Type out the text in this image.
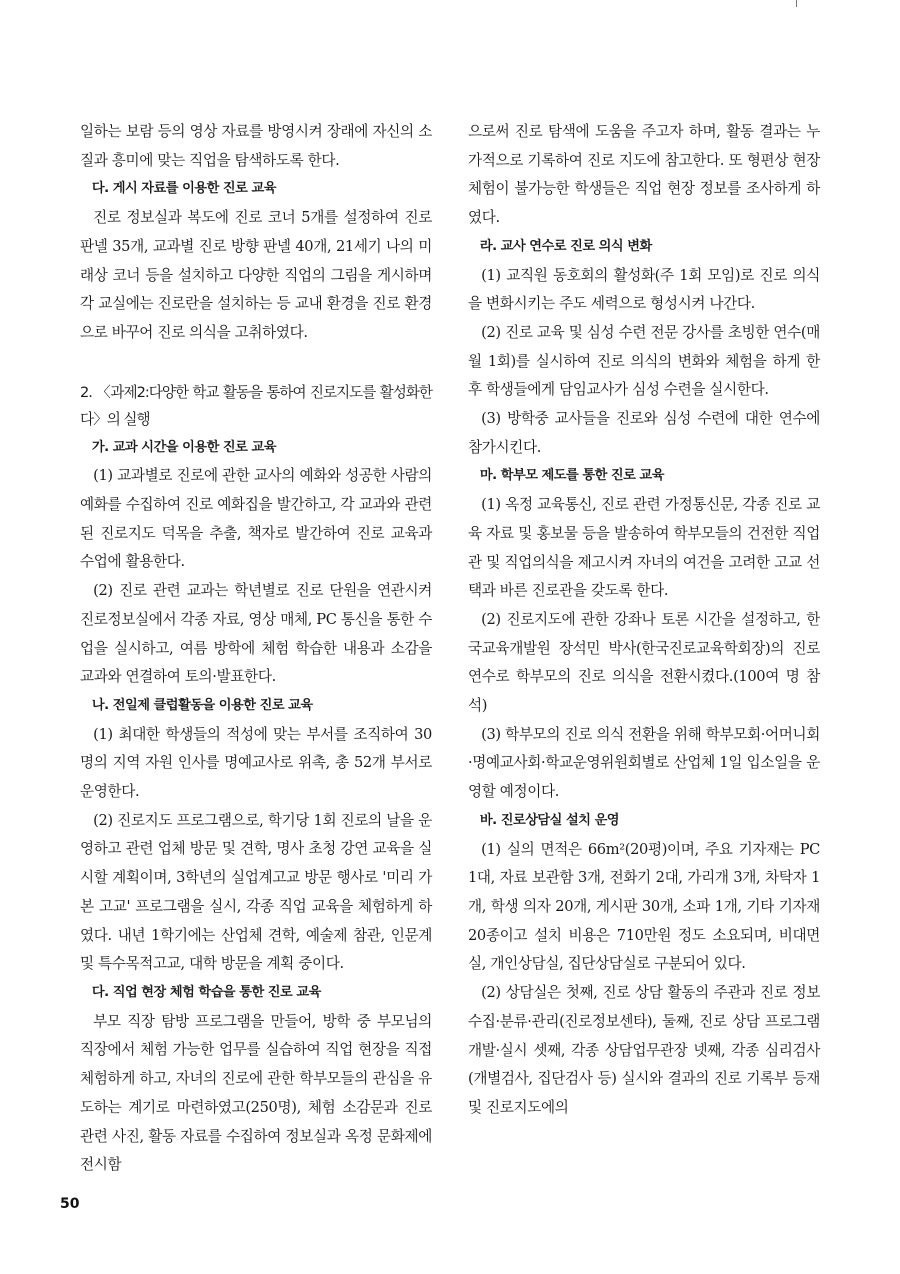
일하는 보람 등의 영상 자료를 방영시켜 장래에 자신의 소질과 흥미에 맞는 직업을 탐색하도록 한다.

다. 게시 자료를 이용한 진로 교육

진로 정보실과 복도에 진로 코너 5개를 설정하여 진로 판넬 35개, 교과별 진로 방향 판넬 40개, 21세기 나의 미래상 코너 등을 설치하고 다양한 직업의 그림을 게시하며 각 교실에는 진로란을 설치하는 등 교내 환경을 진로 환경으로 바꾸어 진로 의식을 고취하였다.

2. 〈과제2:다양한 학교 활동을 통하여 진로지도를 활성화한다〉의 실행

가. 교과 시간을 이용한 진로 교육

(1) 교과별로 진로에 관한 교사의 예화와 성공한 사람의 예화를 수집하여 진로 예화집을 발간하고, 각 교과와 관련된 진로지도 덕목을 추출, 책자로 발간하여 진로 교육과 수업에 활용한다.

(2) 진로 관련 교과는 학년별로 진로 단원을 연관시켜 진로정보실에서 각종 자료, 영상 매체, PC 통신을 통한 수업을 실시하고, 여름 방학에 체험 학습한 내용과 소감을 교과와 연결하여 토의·발표한다.

나. 전일제 클럽활동을 이용한 진로 교육

(1) 최대한 학생들의 적성에 맞는 부서를 조직하여 30명의 지역 자원 인사를 명예교사로 위촉, 총 52개 부서로 운영한다.

(2) 진로지도 프로그램으로, 학기당 1회 진로의 날을 운영하고 관련 업체 방문 및 견학, 명사 초청 강연 교육을 실시할 계획이며, 3학년의 실업계고교 방문 행사로 '미리 가본 고교' 프로그램을 실시, 각종 직업 교육을 체험하게 하였다. 내년 1학기에는 산업체 견학, 예술제 참관, 인문계 및 특수목적고교, 대학 방문을 계획 중이다.

다. 직업 현장 체험 학습을 통한 진로 교육

부모 직장 탐방 프로그램을 만들어, 방학 중 부모님의 직장에서 체험 가능한 업무를 실습하여 직업 현장을 직접 체험하게 하고, 자녀의 진로에 관한 학부모들의 관심을 유도하는 계기로 마련하였고(250명), 체험 소감문과 진로 관련 사진, 활동 자료를 수집하여 정보실과 옥정 문화제에 전시함

으로써 진로 탐색에 도움을 주고자 하며, 활동 결과는 누가적으로 기록하여 진로 지도에 참고한다. 또 형편상 현장 체험이 불가능한 학생들은 직업 현장 정보를 조사하게 하였다.

라. 교사 연수로 진로 의식 변화

(1) 교직원 동호회의 활성화(주 1회 모임)로 진로 의식을 변화시키는 주도 세력으로 형성시켜 나간다.

(2) 진로 교육 및 심성 수련 전문 강사를 초빙한 연수(매월 1회)를 실시하여 진로 의식의 변화와 체험을 하게 한 후 학생들에게 담임교사가 심성 수련을 실시한다.

(3) 방학중 교사들을 진로와 심성 수련에 대한 연수에 참가시킨다.

마. 학부모 제도를 통한 진로 교육

(1) 옥정 교육통신, 진로 관련 가정통신문, 각종 진로 교육 자료 및 홍보물 등을 발송하여 학부모들의 건전한 직업관 및 직업의식을 제고시켜 자녀의 여건을 고려한 고교 선택과 바른 진로관을 갖도록 한다.

(2) 진로지도에 관한 강좌나 토론 시간을 설정하고, 한국교육개발원 장석민 박사(한국진로교육학회장)의 진로 연수로 학부모의 진로 의식을 전환시켰다.(100여 명 참석)

(3) 학부모의 진로 의식 전환을 위해 학부모회·어머니회·명예교사회·학교운영위원회별로 산업체 1일 입소일을 운영할 예정이다.

바. 진로상담실 설치 운영

(1) 실의 면적은 66m²(20평)이며, 주요 기자재는 PC 1대, 자료 보관함 3개, 전화기 2대, 가리개 3개, 차탁자 1개, 학생 의자 20개, 게시판 30개, 소파 1개, 기타 기자재 20종이고 설치 비용은 710만원 정도 소요되며, 비대면실, 개인상담실, 집단상담실로 구분되어 있다.

(2) 상담실은 첫째, 진로 상담 활동의 주관과 진로 정보 수집·분류·관리(진로정보센타), 둘째, 진로 상담 프로그램 개발·실시 셋째, 각종 상담업무관장 넷째, 각종 심리검사(개별검사, 집단검사 등) 실시와 결과의 진로 기록부 등재 및 진로지도에의

50
